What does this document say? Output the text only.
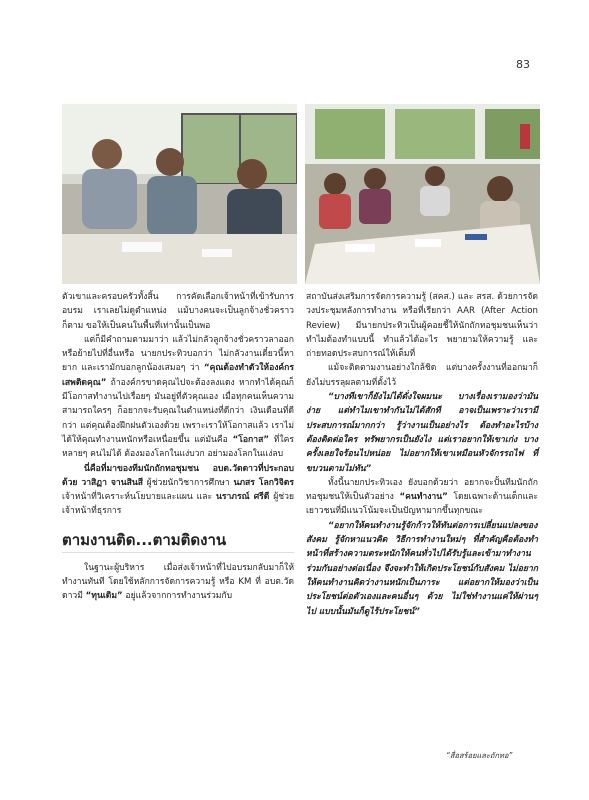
83

ตัวเขาและครอบครัวทั้งสิ้น การคัดเลือกเจ้าหน้าที่เข้ารับการอบรม เราเลยไม่ดูตำแหน่ง แม้บางคนจะเป็นลูกจ้างชั่วคราวก็ตาม ขอให้เป็นคนในพื้นที่เท่านั้นเป็นพอ

แต่ก็มีคำถามตามมาว่า แล้วไม่กลัวลูกจ้างชั่วคราวลาออกหรือย้ายไปที่อื่นหรือ นายกประทิวบอกว่า ไม่กลัวงานเดี๋ยวนี้หายาก และเรามักบอกลูกน้องเสมอๆ ว่า “คุณต้องทำตัวให้องค์กรเสพติดคุณ” ถ้าองค์กรขาดคุณไปจะต้องลงแดง หากทำได้คุณก็มีโอกาสทำงานไปเรื่อยๆ มันอยู่ที่ตัวคุณเอง เมื่อทุกคนเห็นความสามารถใครๆ ก็อยากจะรับคุณในตำแหน่งที่ดีกว่า เงินเดือนที่ดีกว่า แต่คุณต้องฝึกฝนตัวเองด้วย เพราะเราให้โอกาสแล้ว เราไม่ได้ให้คุณทำงานหนักหรือเหนื่อยขึ้น แต่มันคือ “โอกาส” ที่ใครหลายๆ คนไม่ได้ ต้องมองโลกในแง่บวก อย่ามองโลกในแง่ลบ

นี่คือที่มาของทีมนักถักทอชุมชน อบต.วัดดาวที่ประกอบด้วย วาสิฏา จานสินสี ผู้ช่วยนักวิชาการศึกษา นภสร โลกวิจิตร เจ้าหน้าที่วิเคราะห์นโยบายและแผน และ นราภรณ์ ศรีดี ผู้ช่วยเจ้าหน้าที่ธุรการ

ตามงานติด...ตามติดงาน

ในฐานะผู้บริหาร เมื่อส่งเจ้าหน้าที่ไปอบรมกลับมาก็ให้ทำงานทันที โดยใช้หลักการจัดการความรู้ หรือ KM ที่ อบต.วัดดาวมี “ทุนเดิม” อยู่แล้วจากการทำงานร่วมกับ

สถาบันส่งเสริมการจัดการความรู้ (สคส.) และ สรส. ด้วยการจัดวงประชุมหลังการทำงาน หรือที่เรียกว่า AAR (After Action Review) มีนายกประทิวเป็นผู้คอยชี้ให้นักถักทอชุมชนเห็นว่า ทำไมต้องทำแบบนี้ ทำแล้วได้อะไร พยายามให้ความรู้ และถ่ายทอดประสบการณ์ให้เต็มที่

แม้จะติดตามงานอย่างใกล้ชิด แต่บางครั้งงานที่ออกมาก็ยังไม่บรรลุผลตามที่ตั้งไว้

“บางทีเขาก็ยังไม่ได้ดั่งใจผมนะ บางเรื่องเรามองว่ามันง่าย แต่ทำไมเขาทำกันไม่ได้สักที อาจเป็นเพราะว่าเรามีประสบการณ์มากกว่า รู้ว่างานเป็นอย่างไร ต้องทำอะไรบ้าง ต้องติดต่อใคร ทรัพยากรเป็นยังไง แต่เราอยากให้เขาเก่ง บางครั้งเลยใจร้อนไปหน่อย ไม่อยากให้เขาเหมือนหัวจักรรถไฟ ที่ขบวนตามไม่ทัน”

ทั้งนี้นายกประทิวเอง ยังบอกด้วยว่า อยากจะปั้นทีมนักถักทอชุมชนให้เป็นตัวอย่าง “คนทำงาน” โดยเฉพาะด้านเด็กและเยาวชนที่มีแนวโน้มจะเป็นปัญหามากขึ้นทุกขณะ

“อยากให้คนทำงานรู้จักก้าวให้ทันต่อการเปลี่ยนแปลงของสังคม รู้จักหาแนวคิด วิธีการทำงานใหม่ๆ ที่สำคัญคือต้องทำหน้าที่สร้างความตระหนักให้คนทั่วไปได้รับรู้และเข้ามาทำงานร่วมกันอย่างต่อเนื่อง จึงจะทำให้เกิดประโยชน์กับสังคม ไม่อยากให้คนทำงานคิดว่างานหนักเป็นภาระ แต่อยากให้มองว่าเป็นประโยชน์ต่อตัวเองและคนอื่นๆ ด้วย ไม่ใช่ทำงานแค่ให้ผ่านๆ ไป แบบนั้นมันก็ดูไร้ประโยชน์”

“สื่อสร้อยและถักทอ”
